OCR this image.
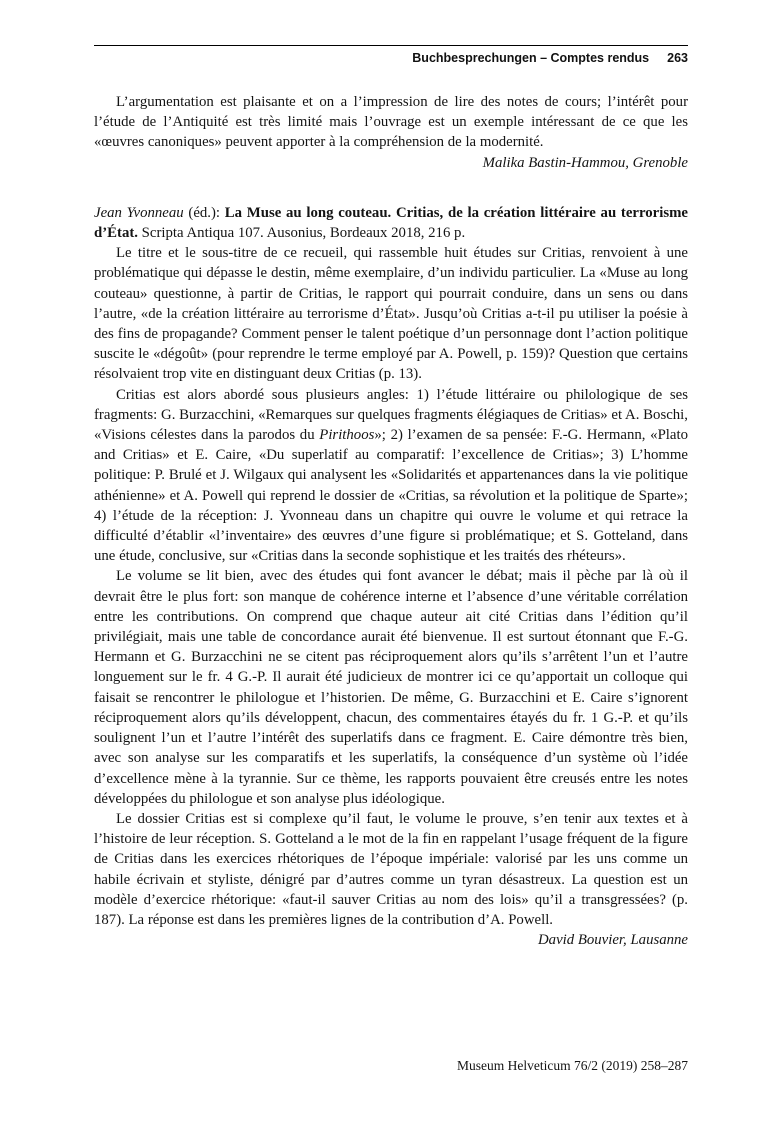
Buchbesprechungen – Comptes rendus 263

L’argumentation est plaisante et on a l’impression de lire des notes de cours; l’intérêt pour l’étude de l’Antiquité est très limité mais l’ouvrage est un exemple intéressant de ce que les «œuvres canoniques» peuvent apporter à la compréhension de la modernité.

Malika Bastin-Hammou, Grenoble

Jean Yvonneau (éd.): La Muse au long couteau. Critias, de la création littéraire au terrorisme d’État. Scripta Antiqua 107. Ausonius, Bordeaux 2018, 216 p.

Le titre et le sous-titre de ce recueil, qui rassemble huit études sur Critias, renvoient à une problématique qui dépasse le destin, même exemplaire, d’un individu particulier. La «Muse au long couteau» questionne, à partir de Critias, le rapport qui pourrait conduire, dans un sens ou dans l’autre, «de la création littéraire au terrorisme d’État». Jusqu’où Critias a-t-il pu utiliser la poésie à des fins de propagande? Comment penser le talent poétique d’un personnage dont l’action politique suscite le «dégoût» (pour reprendre le terme employé par A. Powell, p. 159)? Question que certains résolvaient trop vite en distinguant deux Critias (p. 13).

Critias est alors abordé sous plusieurs angles: 1) l’étude littéraire ou philologique de ses fragments: G. Burzacchini, «Remarques sur quelques fragments élégiaques de Critias» et A. Boschi, «Visions célestes dans la parodos du Pirithoos»; 2) l’examen de sa pensée: F.-G. Hermann, «Plato and Critias» et E. Caire, «Du superlatif au comparatif: l’excellence de Critias»; 3) L’homme politique: P. Brulé et J. Wilgaux qui analysent les «Solidarités et appartenances dans la vie politique athénienne» et A. Powell qui reprend le dossier de «Critias, sa révolution et la politique de Sparte»; 4) l’étude de la réception: J. Yvonneau dans un chapitre qui ouvre le volume et qui retrace la difficulté d’établir «l’inventaire» des œuvres d’une figure si problématique; et S. Gotteland, dans une étude, conclusive, sur «Critias dans la seconde sophistique et les traités des rhéteurs».

Le volume se lit bien, avec des études qui font avancer le débat; mais il pèche par là où il devrait être le plus fort: son manque de cohérence interne et l’absence d’une véritable corrélation entre les contributions. On comprend que chaque auteur ait cité Critias dans l’édition qu’il privilégiait, mais une table de concordance aurait été bienvenue. Il est surtout étonnant que F.-G. Hermann et G. Burzacchini ne se citent pas réciproquement alors qu’ils s’arrêtent l’un et l’autre longuement sur le fr. 4 G.-P. Il aurait été judicieux de montrer ici ce qu’apportait un colloque qui faisait se rencontrer le philologue et l’historien. De même, G. Burzacchini et E. Caire s’ignorent réciproquement alors qu’ils développent, chacun, des commentaires étayés du fr. 1 G.-P. et qu’ils soulignent l’un et l’autre l’intérêt des superlatifs dans ce fragment. E. Caire démontre très bien, avec son analyse sur les comparatifs et les superlatifs, la conséquence d’un système où l’idée d’excellence mène à la tyrannie. Sur ce thème, les rapports pouvaient être creusés entre les notes développées du philologue et son analyse plus idéologique.

Le dossier Critias est si complexe qu’il faut, le volume le prouve, s’en tenir aux textes et à l’histoire de leur réception. S. Gotteland a le mot de la fin en rappelant l’usage fréquent de la figure de Critias dans les exercices rhétoriques de l’époque impériale: valorisé par les uns comme un habile écrivain et styliste, dénigré par d’autres comme un tyran désastreux. La question est un modèle d’exercice rhétorique: «faut-il sauver Critias au nom des lois» qu’il a transgressées? (p. 187). La réponse est dans les premières lignes de la contribution d’A. Powell.

David Bouvier, Lausanne

Museum Helveticum 76/2 (2019) 258–287
